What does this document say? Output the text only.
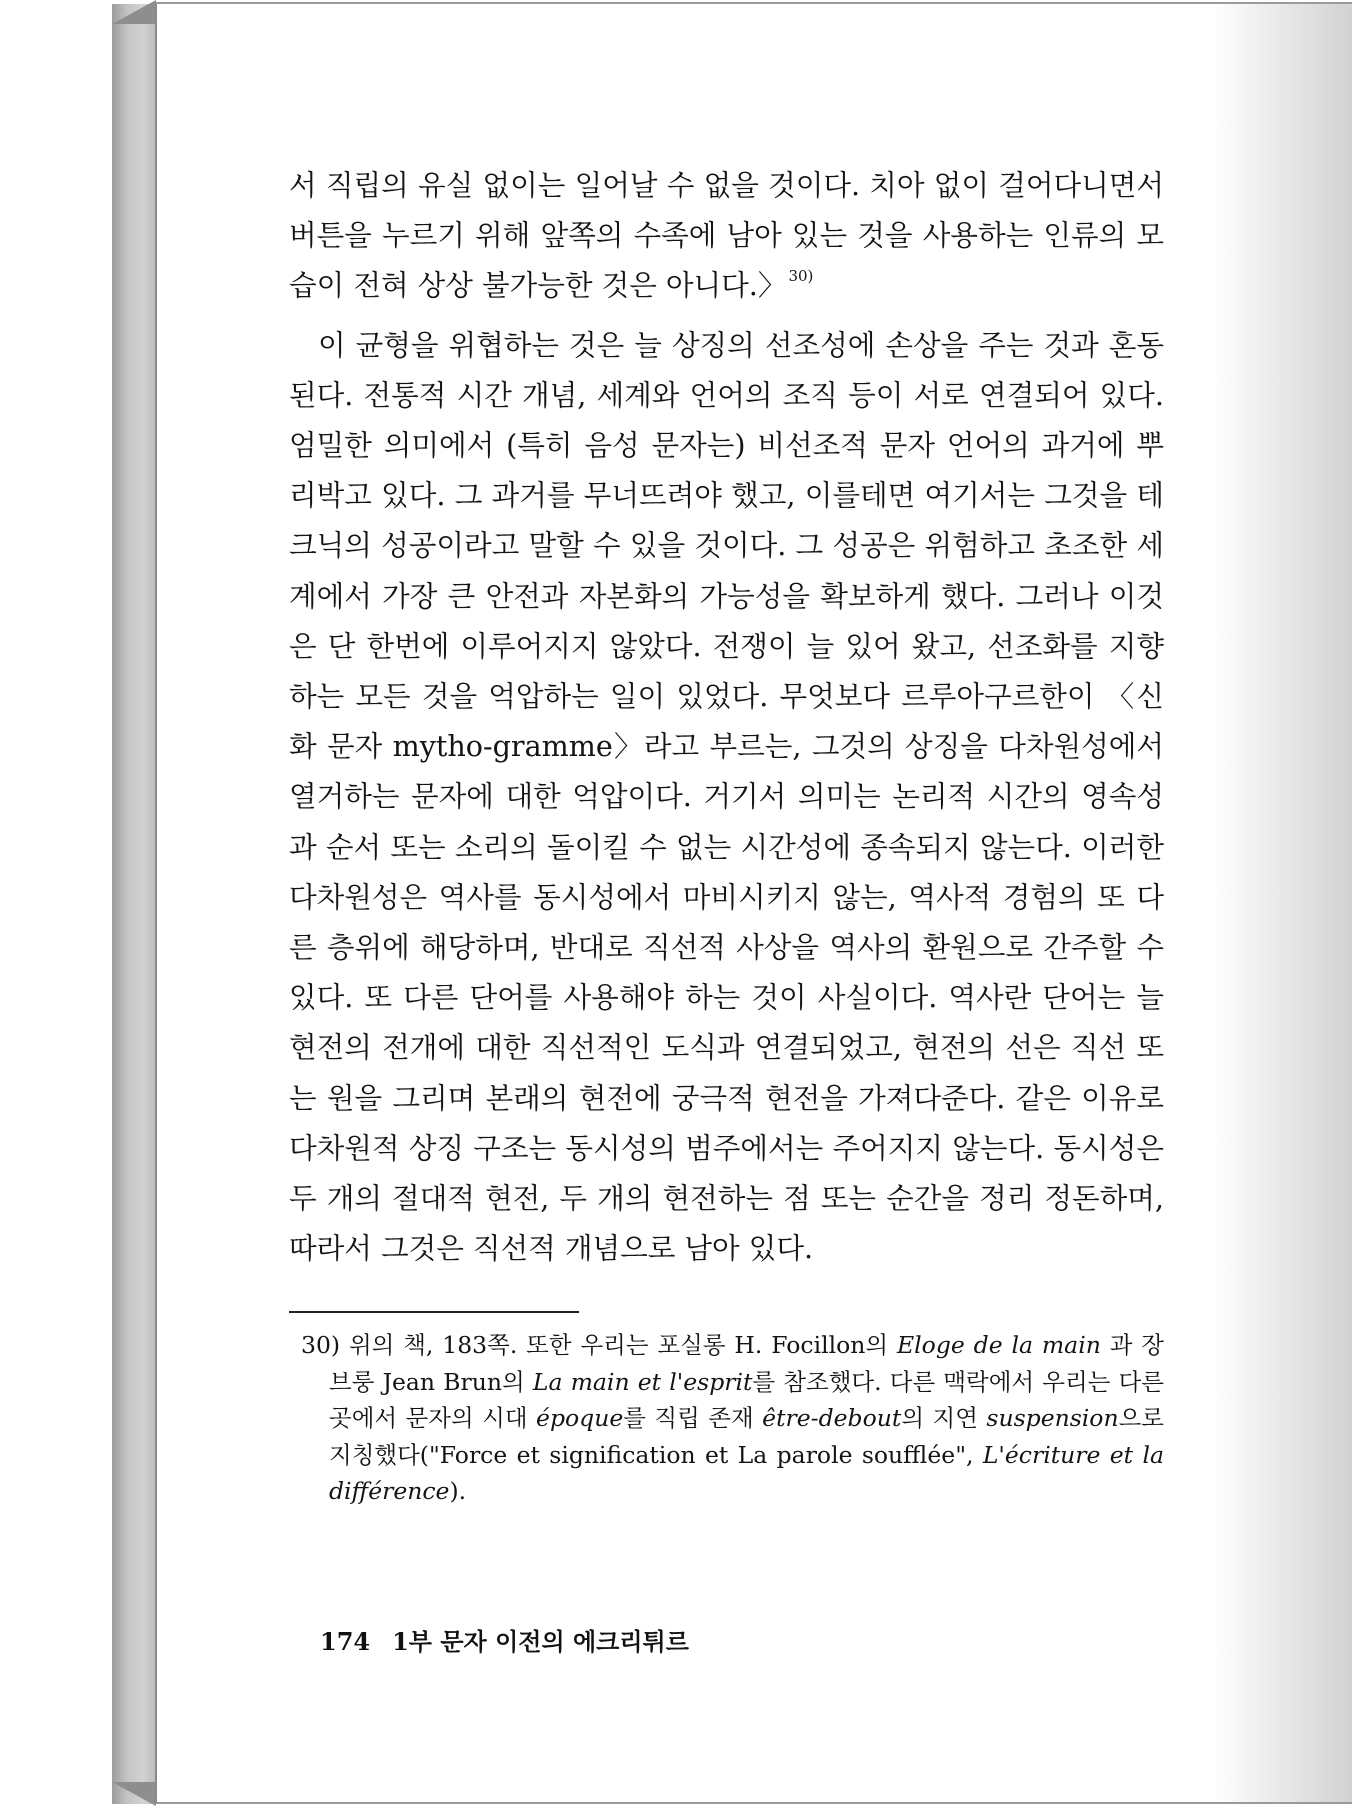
서 직립의 유실 없이는 일어날 수 없을 것이다. 치아 없이 걸어다니면서 버튼을 누르기 위해 앞쪽의 수족에 남아 있는 것을 사용하는 인류의 모습이 전혀 상상 불가능한 것은 아니다.〉 $^{30)}$

이 균형을 위협하는 것은 늘 상징의 선조성에 손상을 주는 것과 혼동된다. 전통적 시간 개념, 세계와 언어의 조직 등이 서로 연결되어 있다. 엄밀한 의미에서 (특히 음성 문자는) 비선조적 문자 언어의 과거에 뿌리박고 있다. 그 과거를 무너뜨려야 했고, 이를테면 여기서는 그것을 테크닉의 성공이라고 말할 수 있을 것이다. 그 성공은 위험하고 초조한 세계에서 가장 큰 안전과 자본화의 가능성을 확보하게 했다. 그러나 이것은 단 한번에 이루어지지 않았다. 전쟁이 늘 있어 왔고, 선조화를 지향하는 모든 것을 억압하는 일이 있었다. 무엇보다 르루아구르한이 〈신화 문자 mytho-gramme〉라고 부르는, 그것의 상징을 다차원성에서 열거하는 문자에 대한 억압이다. 거기서 의미는 논리적 시간의 영속성과 순서 또는 소리의 돌이킬 수 없는 시간성에 종속되지 않는다. 이러한 다차원성은 역사를 동시성에서 마비시키지 않는, 역사적 경험의 또 다른 층위에 해당하며, 반대로 직선적 사상을 역사의 환원으로 간주할 수 있다. 또 다른 단어를 사용해야 하는 것이 사실이다. 역사란 단어는 늘 현전의 전개에 대한 직선적인 도식과 연결되었고, 현전의 선은 직선 또는 원을 그리며 본래의 현전에 궁극적 현전을 가져다준다. 같은 이유로 다차원적 상징 구조는 동시성의 범주에서는 주어지지 않는다. 동시성은 두 개의 절대적 현전, 두 개의 현전하는 점 또는 순간을 정리 정돈하며, 따라서 그것은 직선적 개념으로 남아 있다.

30) 위의 책, 183쪽. 또한 우리는 포실롱 H. Focillon의 Eloge de la main 과 장 브룽 Jean Brun의 La main et l'esprit를 참조했다. 다른 맥락에서 우리는 다른 곳에서 문자의 시대 époque를 직립 존재 être-debout의 지연 suspension으로 지칭했다("Force et signification et La parole soufflée", L'écriture et la différence).
174 1부 문자 이전의 에크리튀르
